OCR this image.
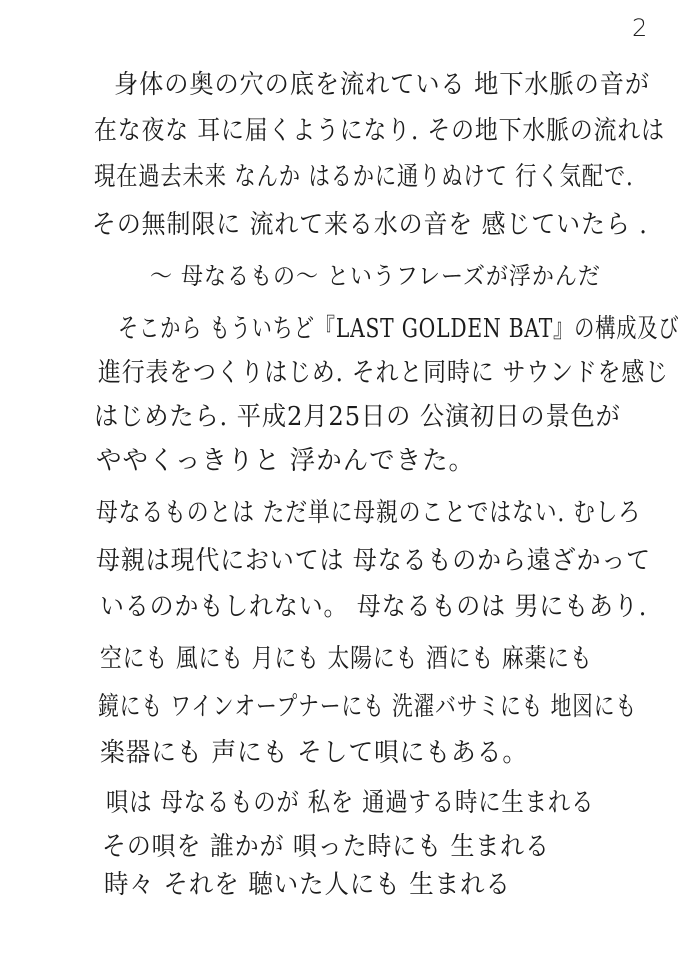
2
身体の奥の穴の底を流れている 地下水脈の音が
在な夜な 耳に届くようになり. その地下水脈の流れは
現在過去未来 なんか はるかに通りぬけて 行く気配で.
その無制限に 流れて来る水の音を 感じていたら .
〜 母なるもの〜 というフレーズが浮かんだ
そこから もういちど『LAST GOLDEN BAT』の構成及び
進行表をつくりはじめ. それと同時に サウンドを感じ
はじめたら. 平成2月25日の 公演初日の景色が
ややくっきりと 浮かんできた。
母なるものとは ただ単に母親のことではない. むしろ
母親は現代においては 母なるものから遠ざかって
いるのかもしれない。 母なるものは 男にもあり.
空にも 風にも 月にも 太陽にも 酒にも 麻薬にも
鏡にも ワインオープナーにも 洗濯バサミにも 地図にも
楽器にも 声にも そして唄にもある。
唄は 母なるものが 私を 通過する時に生まれる
その唄を 誰かが 唄った時にも 生まれる
時々 それを 聴いた人にも 生まれる
